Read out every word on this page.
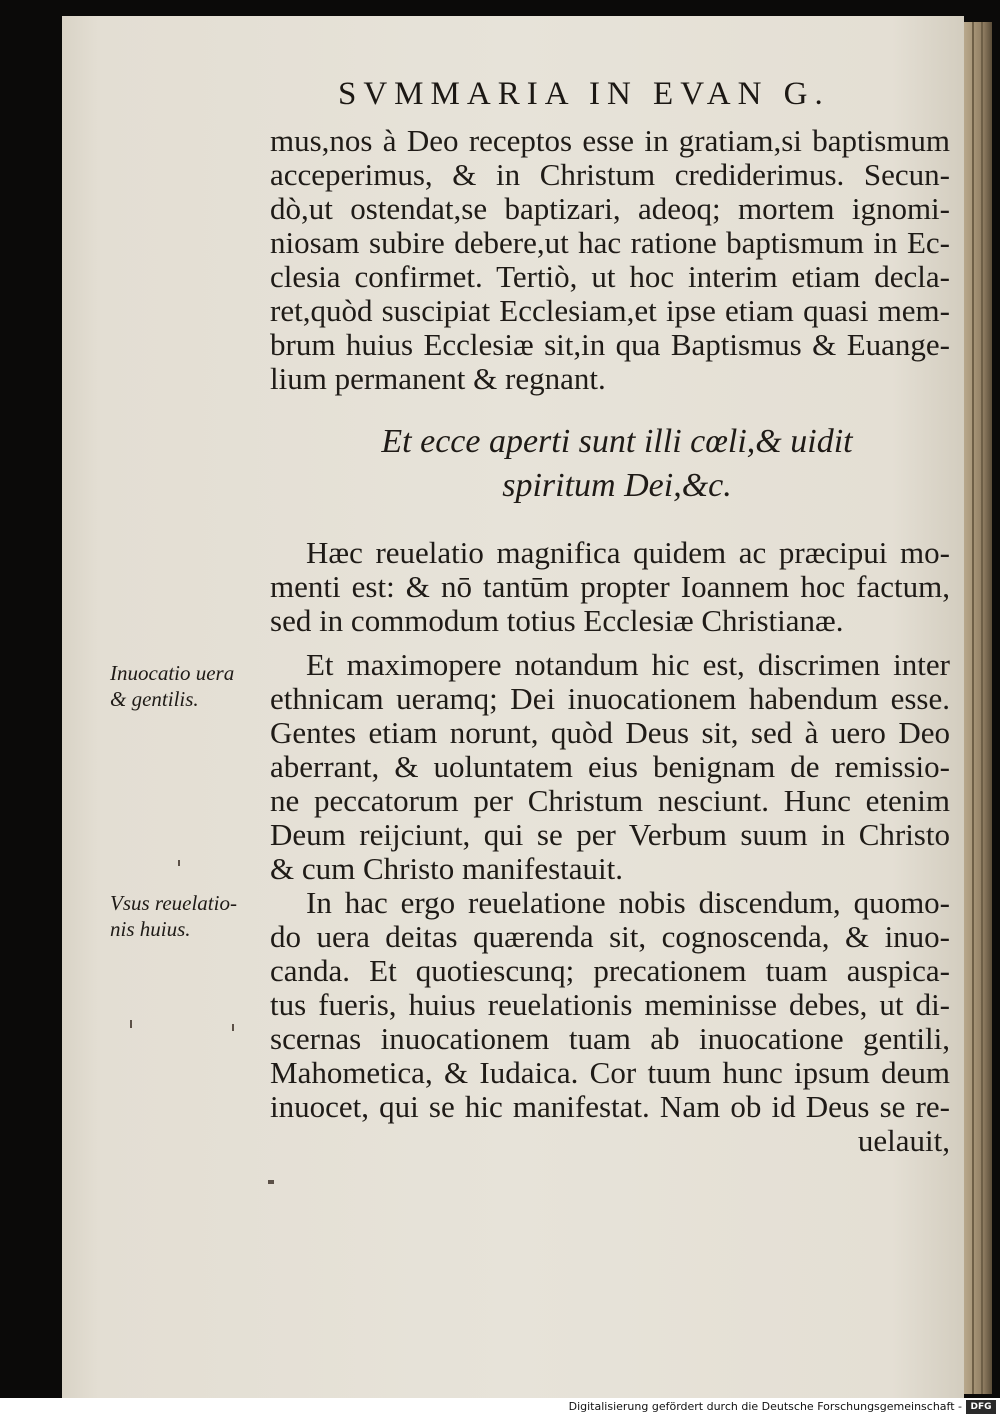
SVMMARIA IN EVAN G.
mus,nos à Deo receptos esse in gratiam,si baptismum
acceperimus, & in Christum crediderimus. Secun-
dò,ut ostendat,se baptizari, adeoq; mortem ignomi-
niosam subire debere,ut hac ratione baptismum in Ec-
clesia confirmet. Tertiò, ut hoc interim etiam decla-
ret,quòd suscipiat Ecclesiam,et ipse etiam quasi mem-
brum huius Ecclesiæ sit,in qua Baptismus & Euange-
lium permanent & regnant.
Et ecce aperti sunt illi cœli,& uidit
spiritum Dei,&c.
Hæc reuelatio magnifica quidem ac præcipui mo-
menti est: & nō tantūm propter Ioannem hoc factum,
sed in commodum totius Ecclesiæ Christianæ.
Et maximopere notandum hic est, discrimen inter
ethnicam ueramq; Dei inuocationem habendum esse.
Gentes etiam norunt, quòd Deus sit, sed à uero Deo
aberrant, & uoluntatem eius benignam de remissio-
ne peccatorum per Christum nesciunt. Hunc etenim
Deum reijciunt, qui se per Verbum suum in Christo
& cum Christo manifestauit.
In hac ergo reuelatione nobis discendum, quomo-
do uera deitas quærenda sit, cognoscenda, & inuo-
canda. Et quotiescunq; precationem tuam auspica-
tus fueris, huius reuelationis meminisse debes, ut di-
scernas inuocationem tuam ab inuocatione gentili,
Mahometica, & Iudaica. Cor tuum hunc ipsum deum
inuocet, qui se hic manifestat. Nam ob id Deus se re-
uelauit,
Inuocatio uera
& gentilis.
Vsus reuelatio-
nis huius.
Digitalisierung gefördert durch die Deutsche Forschungsgemeinschaft - DFG
